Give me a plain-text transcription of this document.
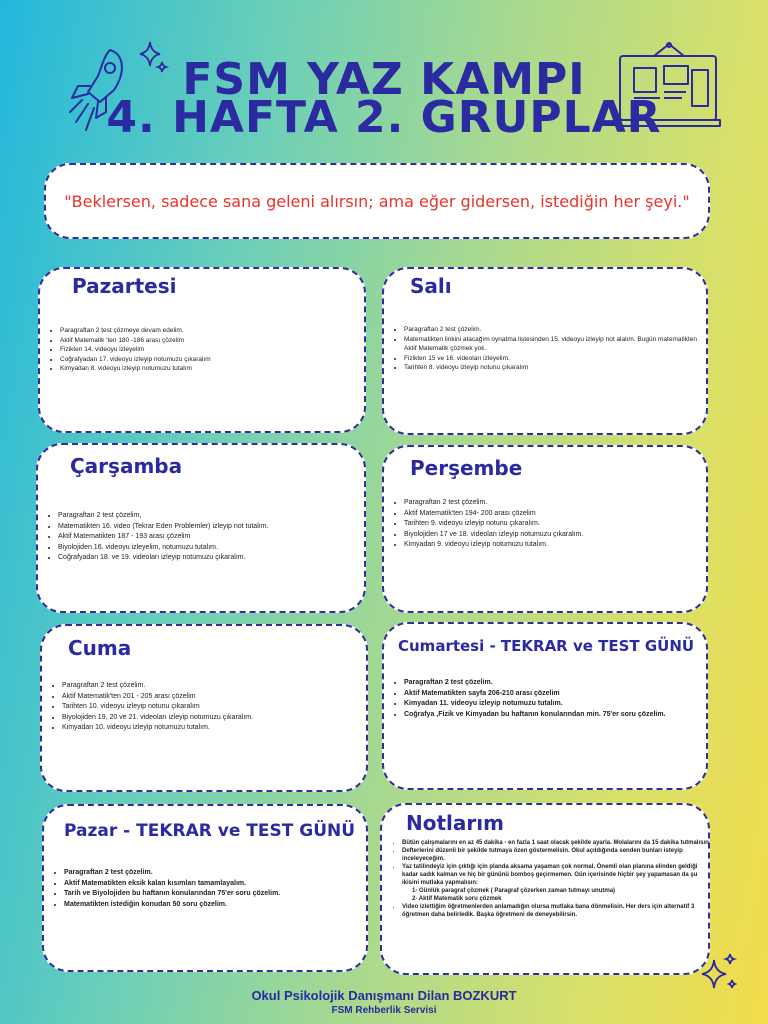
FSM YAZ KAMPI
4. HAFTA 2. GRUPLAR
"Beklersen, sadece sana geleni alırsın; ama eğer gidersen, istediğin her şeyi."
Pazartesi
• Paragraftan 2 test çözmeye devam edelim.
• Aktif Matematik 'ten 180 -186 arası çözelim
• Fizikten 14. videoyu izleyelim
• Coğrafyadan 17. videoyu izleyip notumuzu çıkaralım
• Kimyadan 8. videoyu izleyip notumuzu tutalım
Salı
• Paragraftan 2 test çözelim.
• Matematikten linkini atacağım oynatma listesinden 15. videoyu izleyip not alalım. Bugün matematikten Aktif Matematik çözmek yok.
• Fizikten 15 ve 16. videoları izleyelim.
• Tarihten 8. videoyu izleyip notunu çıkaralım
Çarşamba
• Paragraftan 2 test çözelim,
• Matematikten 16. video (Tekrar Eden Problemler) izleyip not tutalım.
• Aktif Matematikten 187 - 193 arası çözelim
• Biyolojiden 16. videoyu izleyelim, notumuzu tutalım.
• Coğrafyadan 18. ve 19. videoları izleyip notumuzu çıkaralım.
Perşembe
• Paragraftan 2 test çözelim.
• Aktif Matematik'ten 194- 200 arası çözelim
• Tarihten 9. videoyu izleyip notunu çıkaralım.
• Biyolojiden 17 ve 18. videoları izleyip notumuzu çıkaralım.
• Kimyadan 9. videoyu izleyip notumuzu tutalım.
Cuma
• Paragraftan 2 test çözelim.
• Aktif Matematik'ten 201 - 205 arası çözelim
• Tarihten 10. videoyu izleyip notunu çıkaralım
• Biyolojiden 19, 20 ve 21. videoları izleyip notumuzu çıkaralım.
• Kimyadan 10. videoyu izleyip notumuzu tutalım.
Cumartesi - TEKRAR ve TEST GÜNÜ
• Paragraftan 2 test çözelim.
• Aktif Matematikten sayfa 206-210 arası çözelim
• Kimyadan 11. videoyu izleyip notumuzu tutalım.
• Coğrafya ,Fizik ve Kimyadan bu haftanın konularından min. 75'er soru çözelim.
Pazar - TEKRAR ve TEST GÜNÜ
• Paragraftan 2 test çözelim.
• Aktif Matematikten eksik kalan kısımları tamamlayalım.
• Tarih ve Biyolojiden bu haftanın konularından 75'er soru çözelim.
• Matematikten istediğin konudan 50 soru çözelim.
Notlarım
• Bütün çalışmalarını en az 45 dakika - en fazla 1 saat olacak şekilde ayarla. Molalarını da 15 dakika tutmalısın.
• Defterlerini düzenli bir şekilde tutmaya özen göstermelisin. Okul açıldığında senden bunları isteyip inceleyeceğim.
• Yaz tatilindeyiz için çıktığı için planda aksama yaşaman çok normal. Önemli olan planına elinden geldiği kadar sadık kalman ve hiç bir gününü bomboş geçirmemen. Gün içerisinde hiçbir şey yapamasan da şu ikisini mutlaka yapmalısın:
1- Günlük paragraf çözmek ( Paragraf çözerken zaman tutmayı unutma)
2- Aktif Matematik soru çözmek
• Video izlettiğim öğretmenlerden anlamadığın olursa mutlaka bana dönmelisin. Her ders için alternatif 3 öğretmen daha belirledik. Başka öğretmeni de deneyebilirsin.
Okul Psikolojik Danışmanı Dilan BOZKURT
FSM Rehberlik Servisi
